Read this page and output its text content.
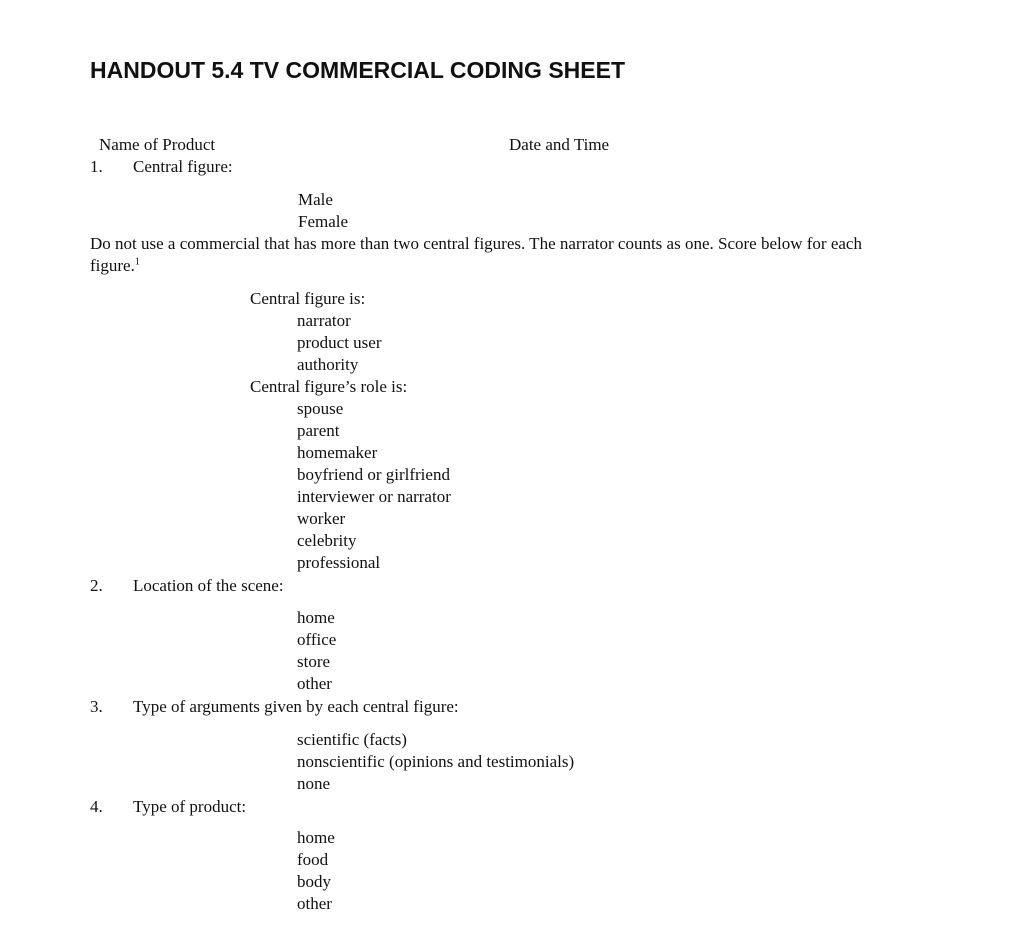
HANDOUT 5.4 TV COMMERCIAL CODING SHEET
Name of Product	Date and Time
1. Central figure:
Male
Female

Do not use a commercial that has more than two central figures. The narrator counts as one. Score below for each figure.$^1$

Central figure is:
narrator
product user
authority
Central figure’s role is:
spouse
parent
homemaker
boyfriend or girlfriend
interviewer or narrator
worker
celebrity
professional
2. Location of the scene:
home
office
store
other
3. Type of arguments given by each central figure:
scientific (facts)
nonscientific (opinions and testimonials)
none
4. Type of product:
home
food
body
other
